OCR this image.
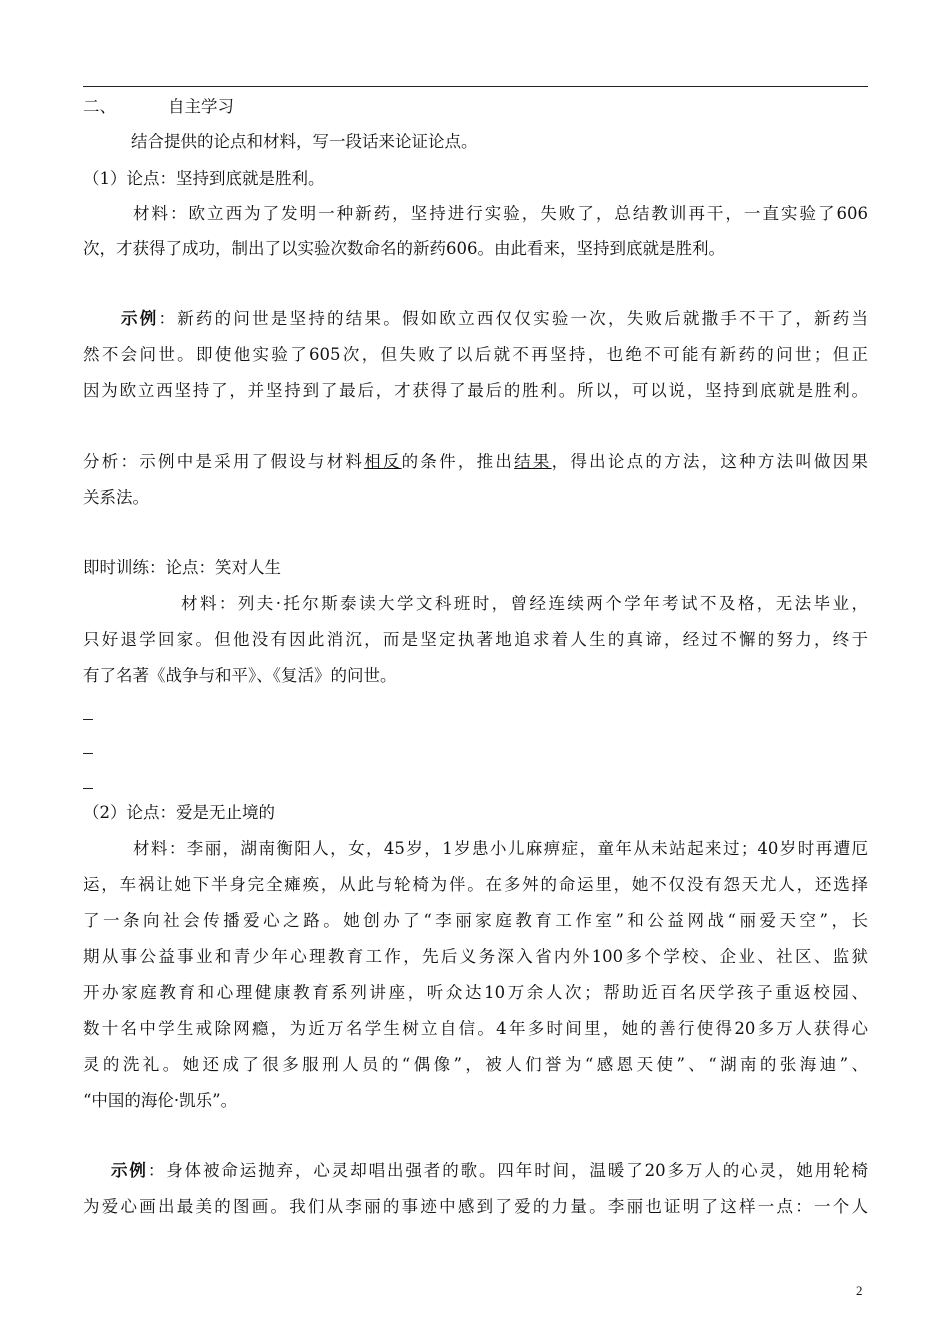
二、	自主学习
结合提供的论点和材料，写一段话来论证论点。
（1）论点：坚持到底就是胜利。
材料：欧立西为了发明一种新药，坚持进行实验，失败了，总结教训再干，一直实验了606
次，才获得了成功，制出了以实验次数命名的新药606。由此看来，坚持到底就是胜利。
示例：新药的问世是坚持的结果。假如欧立西仅仅实验一次，失败后就撒手不干了，新药当
然不会问世。即使他实验了605次，但失败了以后就不再坚持，也绝不可能有新药的问世；但正
因为欧立西坚持了，并坚持到了最后，才获得了最后的胜利。所以，可以说，坚持到底就是胜利。
分析：示例中是采用了假设与材料相反的条件，推出结果，得出论点的方法，这种方法叫做因果
关系法。
即时训练：论点：笑对人生
材料：列夫·托尔斯泰读大学文科班时，曾经连续两个学年考试不及格，无法毕业，
只好退学回家。但他没有因此消沉，而是坚定执著地追求着人生的真谛，经过不懈的努力，终于
有了名著《战争与和平》、《复活》的问世。
（2）论点：爱是无止境的
材料：李丽，湖南衡阳人，女，45岁，1岁患小儿麻痹症，童年从未站起来过；40岁时再遭厄
运，车祸让她下半身完全瘫痪，从此与轮椅为伴。在多舛的命运里，她不仅没有怨天尤人，还选择
了一条向社会传播爱心之路。她创办了“李丽家庭教育工作室”和公益网战“丽爱天空”，长
期从事公益事业和青少年心理教育工作，先后义务深入省内外100多个学校、企业、社区、监狱
开办家庭教育和心理健康教育系列讲座，听众达10万余人次；帮助近百名厌学孩子重返校园、
数十名中学生戒除网瘾，为近万名学生树立自信。4年多时间里，她的善行使得20多万人获得心
灵的洗礼。她还成了很多服刑人员的“偶像”，被人们誉为“感恩天使”、“湖南的张海迪”、
“中国的海伦·凯乐”。
示例：身体被命运抛弃，心灵却唱出强者的歌。四年时间，温暖了20多万人的心灵，她用轮椅
为爱心画出最美的图画。我们从李丽的事迹中感到了爱的力量。李丽也证明了这样一点：一个人
2
